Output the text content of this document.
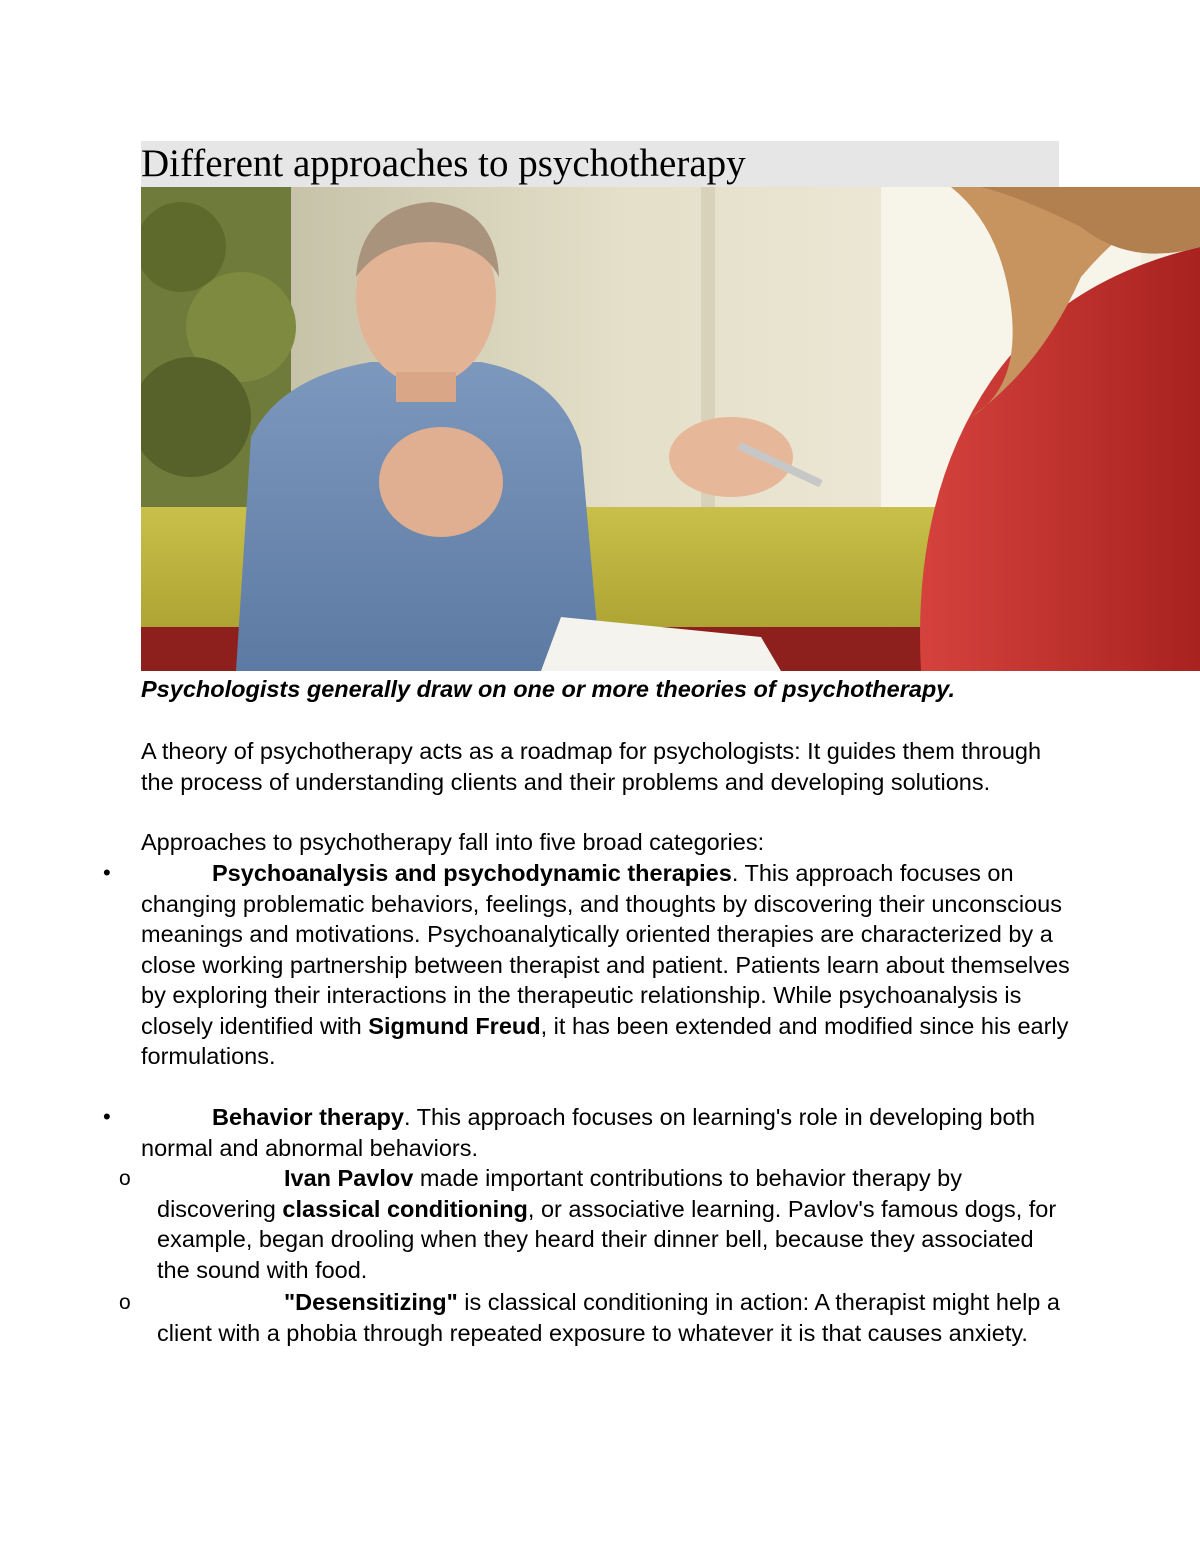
Different approaches to psychotherapy

Psychologists generally draw on one or more theories of psychotherapy.

A theory of psychotherapy acts as a roadmap for psychologists: It guides them through the process of understanding clients and their problems and developing solutions.

Approaches to psychotherapy fall into five broad categories:

•	Psychoanalysis and psychodynamic therapies. This approach focuses on changing problematic behaviors, feelings, and thoughts by discovering their unconscious meanings and motivations. Psychoanalytically oriented therapies are characterized by a close working partnership between therapist and patient. Patients learn about themselves by exploring their interactions in the therapeutic relationship. While psychoanalysis is closely identified with Sigmund Freud, it has been extended and modified since his early formulations.
•	Behavior therapy. This approach focuses on learning's role in developing both normal and abnormal behaviors.
o	Ivan Pavlov made important contributions to behavior therapy by discovering classical conditioning, or associative learning. Pavlov's famous dogs, for example, began drooling when they heard their dinner bell, because they associated the sound with food.
o	"Desensitizing" is classical conditioning in action: A therapist might help a client with a phobia through repeated exposure to whatever it is that causes anxiety.
